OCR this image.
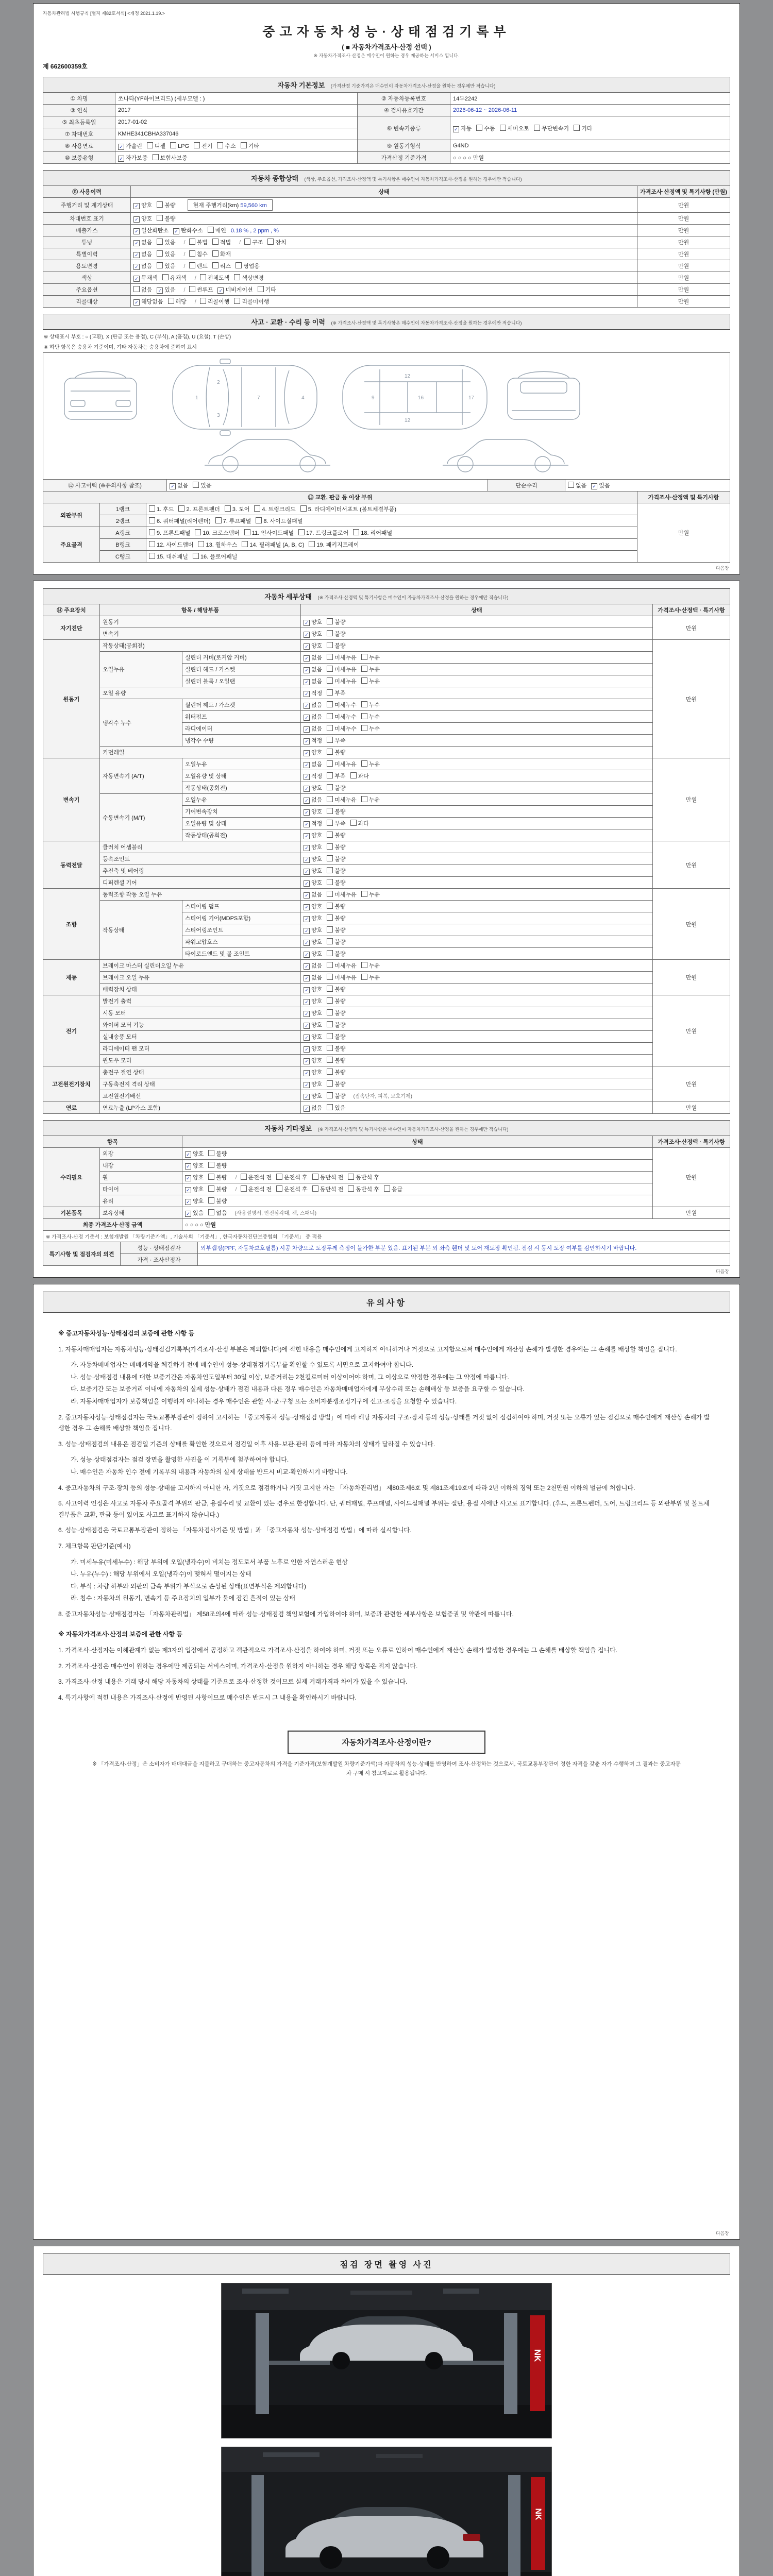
자동차관리법 시행규칙 [별지 제82호서식] <개정 2021.1.19.>
중고자동차성능·상태점검기록부
( ■ 자동차가격조사·산정 선택 )
※ 자동차가격조사·산정은 매수인이 원하는 경우 제공하는 서비스 입니다.
제 662600359호
자동차 기본정보 (가격산정 기준가격은 매수인이 자동차가격조사·산정을 원하는 경우에만 적습니다)
① 차명	쏘나타(YF하이브리드) (세부모델 : )	② 자동차등록번호	14두2242
③ 연식	2017	④ 검사유효기간	2026-06-12 ~ 2026-06-11
⑤ 최초등록일	2017-01-02	⑥ 변속기종류	✓ 자동 수동 세미오토 무단변속기 기타
⑦ 차대번호	KMHE341CBHA337046		
⑧ 사용연료	✓ 가솔린 디젤 LPG 전기 수소 기타	⑨ 원동기형식	G4ND
⑩ 보증유형	✓ 자가보증 보험사보증	가격산정 기준가격	○ ○ ○ ○ 만원
자동차 종합상태 (색상, 주요옵션, 가격조사·산정액 및 특기사항은 매수인이 자동차가격조사·산정을 원하는 경우에만 적습니다)
⑪ 사용이력	상태	가격조사·산정액 및 특기사항 (만원)
주행거리 및 계기상태	✓ 양호 불량 현재 주행거리(km) 59,560 km	만원
차대번호 표기	✓ 양호 불량	만원
배출가스	✓ 일산화탄소 ✓ 탄화수소 매연 0.18 % , 2 ppm , %	만원
튜닝	✓ 없음 있음 / 불법 적법 / 구조 장치	만원
특별이력	✓ 없음 있음 / 침수 화재	만원
용도변경	✓ 없음 있음 / 렌트 리스 영업용	만원
색상	✓ 무채색 유채색 / 전체도색 색상변경	만원
주요옵션	없음 ✓ 있음 / 썬루프 ✓ 네비게이션 기타	만원
리콜대상	✓ 해당없음 해당 / 리콜이행 리콜미이행	만원
사고 · 교환 · 수리 등 이력 (※ 가격조사·산정액 및 특기사항은 매수인이 자동차가격조사·산정을 원하는 경우에만 적습니다)
※ 상태표시 부호 : ○ (교환), X (판금 또는 용접), C (부식), A (흠집), U (요철), T (손상)
※ 하단 항목은 승용차 기준이며, 기타 자동차는 승용차에 준하여 표시
1	7	4
2
3
9	16	17
12
12
⑫ 사고이력 (※유의사항 참조)	✓ 없음 있음	단순수리	없음 ✓ 있음
⑬ 교환, 판금 등 이상 부위			가격조사·산정액 및 특기사항
외판부위	1랭크	1. 후드 2. 프론트펜더 3. 도어 4. 트렁크리드 5. 라디에이터서포트 (볼트체결부품)	만원
	2랭크	6. 쿼터패널(리어펜더) 7. 루프패널 8. 사이드실패널	
주요골격	A랭크	9. 프론트패널 10. 크로스멤버 11. 인사이드패널 17. 트렁크플로어 18. 리어패널	
	B랭크	12. 사이드멤버 13. 휠하우스 14. 필러패널 (A, B, C) 19. 패키지트레이	
	C랭크	15. 대쉬패널 16. 플로어패널	
다음장
자동차 세부상태 (※ 가격조사·산정액 및 특기사항은 매수인이 자동차가격조사·산정을 원하는 경우에만 적습니다)
⑭ 주요장치	항목 / 해당부품		상태	가격조사·산정액 · 특기사항
자기진단	원동기		✓ 양호 불량	만원
	변속기		✓ 양호 불량	
원동기	작동상태(공회전)		✓ 양호 불량	만원
	오일누유	실린더 커버(로커암 커버)	✓ 없음 미세누유 누유	
		실린더 헤드 / 가스켓	✓ 없음 미세누유 누유	
		실린더 블록 / 오일팬	✓ 없음 미세누유 누유	
	오일 유량		✓ 적정 부족	
	냉각수 누수	실린더 헤드 / 가스켓	✓ 없음 미세누수 누수	
		워터펌프	✓ 없음 미세누수 누수	
		라디에이터	✓ 없음 미세누수 누수	
		냉각수 수량	✓ 적정 부족	
	커먼레일		✓ 양호 불량	
변속기	자동변속기 (A/T)	오일누유	✓ 없음 미세누유 누유	만원
		오일유량 및 상태	✓ 적정 부족 과다	
		작동상태(공회전)	✓ 양호 불량	
	수동변속기 (M/T)	오일누유	✓ 없음 미세누유 누유	
		기어변속장치	✓ 양호 불량	
		오일유량 및 상태	✓ 적정 부족 과다	
		작동상태(공회전)	✓ 양호 불량	
동력전달	클러치 어셈블리		✓ 양호 불량	만원
	등속조인트		✓ 양호 불량	
	추진축 및 베어링		✓ 양호 불량	
	디퍼렌셜 기어		✓ 양호 불량	
조향	동력조향 작동 오일 누유		✓ 없음 미세누유 누유	만원
	작동상태	스티어링 펌프	✓ 양호 불량	
		스티어링 기어(MDPS포함)	✓ 양호 불량	
		스티어링조인트	✓ 양호 불량	
		파워고압호스	✓ 양호 불량	
		타이로드엔드 및 볼 조인트	✓ 양호 불량	
제동	브레이크 마스터 실린더오일 누유		✓ 없음 미세누유 누유	만원
	브레이크 오일 누유		✓ 없음 미세누유 누유	
	배력장치 상태		✓ 양호 불량	
전기	발전기 출력		✓ 양호 불량	만원
	시동 모터		✓ 양호 불량	
	와이퍼 모터 기능		✓ 양호 불량	
	실내송풍 모터		✓ 양호 불량	
	라디에이터 팬 모터		✓ 양호 불량	
	윈도우 모터		✓ 양호 불량	
고전원전기장치	충전구 절연 상태		✓ 양호 불량	만원
	구동축전지 격리 상태		✓ 양호 불량	
	고전원전기배선		✓ 양호 불량 (접속단자, 피복, 보호기제)	
연료	연료누출 (LP가스 포함)		✓ 없음 있음	만원
자동차 기타정보 (※ 가격조사·산정액 및 특기사항은 매수인이 자동차가격조사·산정을 원하는 경우에만 적습니다)
항목		상태	가격조사·산정액 · 특기사항
수리필요	외장	✓ 양호 불량	만원
	내장	✓ 양호 불량	
	휠	✓ 양호 불량 / 운전석 전 운전석 후 동반석 전 동반석 후	
	타이어	✓ 양호 불량 / 운전석 전 운전석 후 동반석 전 동반석 후 응급	
	유리	✓ 양호 불량	
기본품목	보유상태	✓ 있음 없음 (사용설명서, 안전삼각대, 잭, 스패너)	만원
최종 가격조사·산정 금액	○ ○ ○ ○ 만원
※ 가격조사·산정 기준서 : 보험개발원 「차량기준가액」, 기술사회 「기준서」, 한국자동차진단보증협회 「기준서」 중 적용
특기사항 및 점검자의 의견	성능 · 상태점검자	외부랩핑(PPF, 자동차보호필름) 시공 차량으로 도장두께 측정이 불가한 부분 있음. 표기된 부분 외 좌측 휀더 및 도어 재도장 확인됨. 점검 시 동시 도장 여부를 감안하시기 바랍니다.
	가격 · 조사산정자	
다음장
유의사항
※ 중고자동차성능·상태점검의 보증에 관한 사항 등
1. 자동차매매업자는 자동차성능·상태점검기록부(가격조사·산정 부분은 제외합니다)에 적힌 내용을 매수인에게 고지하지 아니하거나 거짓으로 고지함으로써 매수인에게 재산상 손해가 발생한 경우에는 그 손해를 배상할 책임을 집니다.
가. 자동차매매업자는 매매계약을 체결하기 전에 매수인이 성능·상태점검기록부를 확인할 수 있도록 서면으로 고지하여야 합니다.
나. 성능·상태점검 내용에 대한 보증기간은 자동차인도일부터 30일 이상, 보증거리는 2천킬로미터 이상이어야 하며, 그 이상으로 약정한 경우에는 그 약정에 따릅니다.
다. 보증기간 또는 보증거리 이내에 자동차의 실제 성능·상태가 점검 내용과 다른 경우 매수인은 자동차매매업자에게 무상수리 또는 손해배상 등 보증을 요구할 수 있습니다.
라. 자동차매매업자가 보증책임을 이행하지 아니하는 경우 매수인은 관할 시·군·구청 또는 소비자분쟁조정기구에 신고·조정을 요청할 수 있습니다.
2. 중고자동차성능·상태점검자는 국토교통부장관이 정하여 고시하는 「중고자동차 성능·상태점검 방법」에 따라 해당 자동차의 구조·장치 등의 성능·상태를 거짓 없이 점검하여야 하며, 거짓 또는 오류가 있는 점검으로 매수인에게 재산상 손해가 발생한 경우 그 손해를 배상할 책임을 집니다.
3. 성능·상태점검의 내용은 점검일 기준의 상태를 확인한 것으로서 점검일 이후 사용·보관·관리 등에 따라 자동차의 상태가 달라질 수 있습니다.
가. 성능·상태점검자는 점검 장면을 촬영한 사진을 이 기록부에 첨부하여야 합니다.
나. 매수인은 자동차 인수 전에 기록부의 내용과 자동차의 실제 상태를 반드시 비교·확인하시기 바랍니다.
4. 중고자동차의 구조·장치 등의 성능·상태를 고지하지 아니한 자, 거짓으로 점검하거나 거짓 고지한 자는 「자동차관리법」 제80조제6호 및 제81조제19호에 따라 2년 이하의 징역 또는 2천만원 이하의 벌금에 처합니다.
5. 사고이력 인정은 사고로 자동차 주요골격 부위의 판금, 용접수리 및 교환이 있는 경우로 한정합니다. 단, 쿼터패널, 루프패널, 사이드실패널 부위는 절단, 용접 시에만 사고로 표기합니다. (후드, 프론트펜더, 도어, 트렁크리드 등 외판부위 및 볼트체결부품은 교환, 판금 등이 있어도 사고로 표기하지 않습니다.)
6. 성능·상태점검은 국토교통부장관이 정하는 「자동차검사기준 및 방법」과 「중고자동차 성능·상태점검 방법」에 따라 실시합니다.
7. 체크항목 판단기준(예시)
가. 미세누유(미세누수) : 해당 부위에 오일(냉각수)이 비치는 정도로서 부품 노후로 인한 자연스러운 현상
나. 누유(누수) : 해당 부위에서 오일(냉각수)이 맺혀서 떨어지는 상태
다. 부식 : 차량 하부와 외판의 금속 부위가 부식으로 손상된 상태(표면부식은 제외합니다)
라. 침수 : 자동차의 원동기, 변속기 등 주요장치의 일부가 물에 잠긴 흔적이 있는 상태
8. 중고자동차성능·상태점검자는 「자동차관리법」 제58조의4에 따라 성능·상태점검 책임보험에 가입하여야 하며, 보증과 관련한 세부사항은 보험증권 및 약관에 따릅니다.
※ 자동차가격조사·산정의 보증에 관한 사항 등
1. 가격조사·산정자는 이해관계가 없는 제3자의 입장에서 공정하고 객관적으로 가격조사·산정을 하여야 하며, 거짓 또는 오류로 인하여 매수인에게 재산상 손해가 발생한 경우에는 그 손해를 배상할 책임을 집니다.
2. 가격조사·산정은 매수인이 원하는 경우에만 제공되는 서비스이며, 가격조사·산정을 원하지 아니하는 경우 해당 항목은 적지 않습니다.
3. 가격조사·산정 내용은 거래 당시 해당 자동차의 상태를 기준으로 조사·산정한 것이므로 실제 거래가격과 차이가 있을 수 있습니다.
4. 특기사항에 적힌 내용은 가격조사·산정에 반영된 사항이므로 매수인은 반드시 그 내용을 확인하시기 바랍니다.
자동차가격조사·산정이란?
※ 「가격조사·산정」은 소비자가 매매대금을 지불하고 구매하는 중고자동차의 가격을 기준가격(보험개발원 차량기준가액)과 자동차의 성능·상태를 반영하여 조사·산정하는 것으로서, 국토교통부장관이 정한 자격을 갖춘 자가 수행하며 그 결과는 중고자동차 구매 시 참고자료로 활용됩니다.
다음장
점검 장면 촬영 사진
NK
NK
